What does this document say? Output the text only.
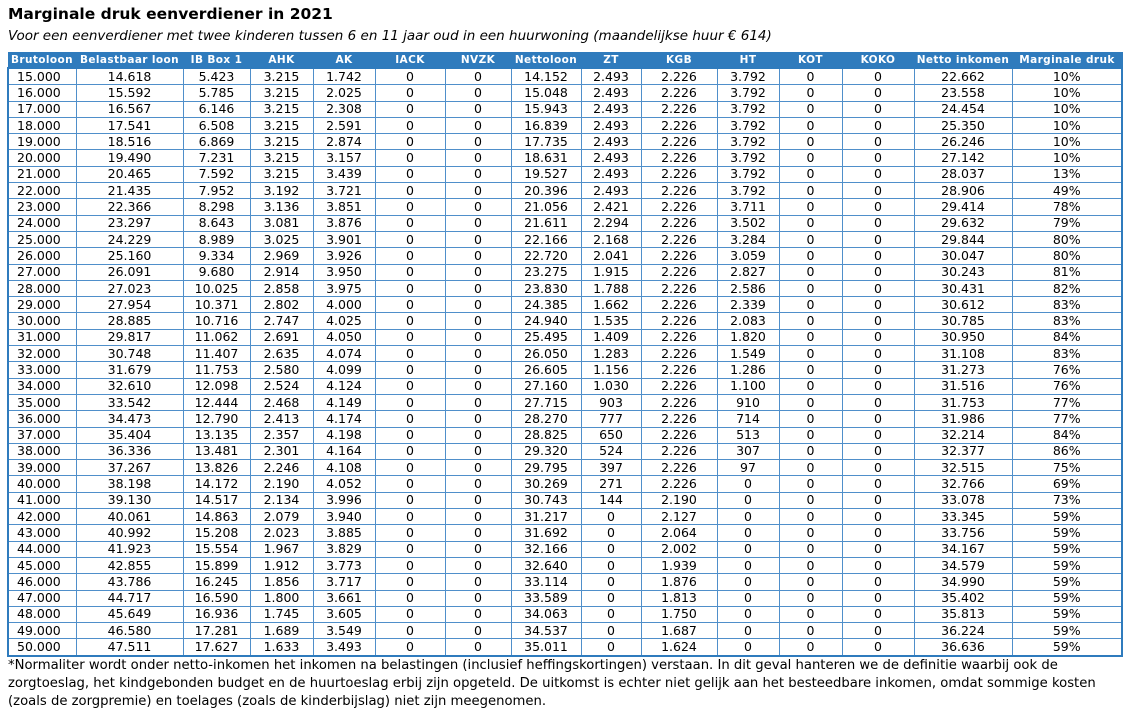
Marginale druk eenverdiener in 2021

Voor een eenverdiener met twee kinderen tussen 6 en 11 jaar oud in een huurwoning (maandelijkse huur € 614)

Brutoloon	Belastbaar loon	IB Box 1	AHK	AK	IACK	NVZK	Nettoloon	ZT	KGB	HT	KOT	KOKO	Netto inkomen	Marginale druk
15.000	14.618	5.423	3.215	1.742	0	0	14.152	2.493	2.226	3.792	0	0	22.662	10%
16.000	15.592	5.785	3.215	2.025	0	0	15.048	2.493	2.226	3.792	0	0	23.558	10%
17.000	16.567	6.146	3.215	2.308	0	0	15.943	2.493	2.226	3.792	0	0	24.454	10%
18.000	17.541	6.508	3.215	2.591	0	0	16.839	2.493	2.226	3.792	0	0	25.350	10%
19.000	18.516	6.869	3.215	2.874	0	0	17.735	2.493	2.226	3.792	0	0	26.246	10%
20.000	19.490	7.231	3.215	3.157	0	0	18.631	2.493	2.226	3.792	0	0	27.142	10%
21.000	20.465	7.592	3.215	3.439	0	0	19.527	2.493	2.226	3.792	0	0	28.037	13%
22.000	21.435	7.952	3.192	3.721	0	0	20.396	2.493	2.226	3.792	0	0	28.906	49%
23.000	22.366	8.298	3.136	3.851	0	0	21.056	2.421	2.226	3.711	0	0	29.414	78%
24.000	23.297	8.643	3.081	3.876	0	0	21.611	2.294	2.226	3.502	0	0	29.632	79%
25.000	24.229	8.989	3.025	3.901	0	0	22.166	2.168	2.226	3.284	0	0	29.844	80%
26.000	25.160	9.334	2.969	3.926	0	0	22.720	2.041	2.226	3.059	0	0	30.047	80%
27.000	26.091	9.680	2.914	3.950	0	0	23.275	1.915	2.226	2.827	0	0	30.243	81%
28.000	27.023	10.025	2.858	3.975	0	0	23.830	1.788	2.226	2.586	0	0	30.431	82%
29.000	27.954	10.371	2.802	4.000	0	0	24.385	1.662	2.226	2.339	0	0	30.612	83%
30.000	28.885	10.716	2.747	4.025	0	0	24.940	1.535	2.226	2.083	0	0	30.785	83%
31.000	29.817	11.062	2.691	4.050	0	0	25.495	1.409	2.226	1.820	0	0	30.950	84%
32.000	30.748	11.407	2.635	4.074	0	0	26.050	1.283	2.226	1.549	0	0	31.108	83%
33.000	31.679	11.753	2.580	4.099	0	0	26.605	1.156	2.226	1.286	0	0	31.273	76%
34.000	32.610	12.098	2.524	4.124	0	0	27.160	1.030	2.226	1.100	0	0	31.516	76%
35.000	33.542	12.444	2.468	4.149	0	0	27.715	903	2.226	910	0	0	31.753	77%
36.000	34.473	12.790	2.413	4.174	0	0	28.270	777	2.226	714	0	0	31.986	77%
37.000	35.404	13.135	2.357	4.198	0	0	28.825	650	2.226	513	0	0	32.214	84%
38.000	36.336	13.481	2.301	4.164	0	0	29.320	524	2.226	307	0	0	32.377	86%
39.000	37.267	13.826	2.246	4.108	0	0	29.795	397	2.226	97	0	0	32.515	75%
40.000	38.198	14.172	2.190	4.052	0	0	30.269	271	2.226	0	0	0	32.766	69%
41.000	39.130	14.517	2.134	3.996	0	0	30.743	144	2.190	0	0	0	33.078	73%
42.000	40.061	14.863	2.079	3.940	0	0	31.217	0	2.127	0	0	0	33.345	59%
43.000	40.992	15.208	2.023	3.885	0	0	31.692	0	2.064	0	0	0	33.756	59%
44.000	41.923	15.554	1.967	3.829	0	0	32.166	0	2.002	0	0	0	34.167	59%
45.000	42.855	15.899	1.912	3.773	0	0	32.640	0	1.939	0	0	0	34.579	59%
46.000	43.786	16.245	1.856	3.717	0	0	33.114	0	1.876	0	0	0	34.990	59%
47.000	44.717	16.590	1.800	3.661	0	0	33.589	0	1.813	0	0	0	35.402	59%
48.000	45.649	16.936	1.745	3.605	0	0	34.063	0	1.750	0	0	0	35.813	59%
49.000	46.580	17.281	1.689	3.549	0	0	34.537	0	1.687	0	0	0	36.224	59%
50.000	47.511	17.627	1.633	3.493	0	0	35.011	0	1.624	0	0	0	36.636	59%

*Normaliter wordt onder netto-inkomen het inkomen na belastingen (inclusief heffingskortingen) verstaan. In dit geval hanteren we de definitie waarbij ook de zorgtoeslag, het kindgebonden budget en de huurtoeslag erbij zijn opgeteld. De uitkomst is echter niet gelijk aan het besteedbare inkomen, omdat sommige kosten (zoals de zorgpremie) en toelages (zoals de kinderbijslag) niet zijn meegenomen.
